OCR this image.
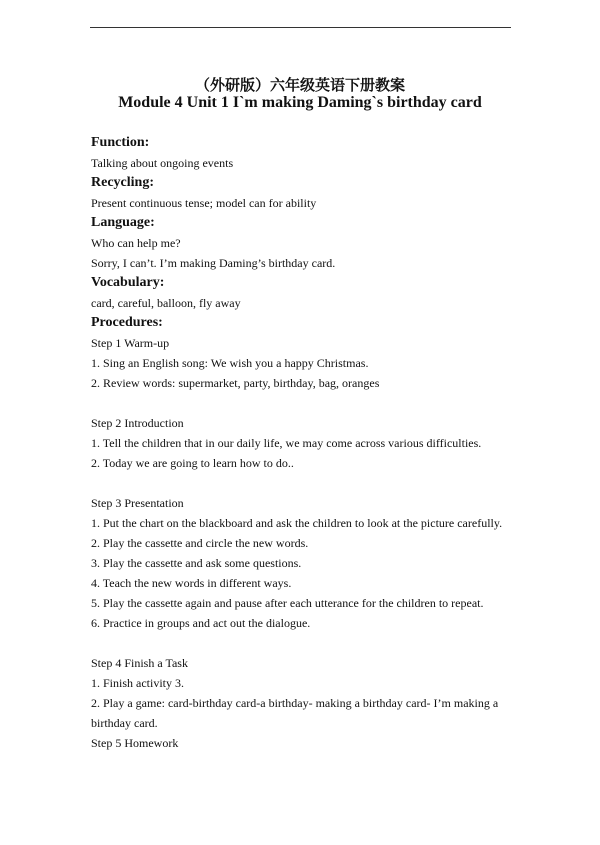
（外研版）六年级英语下册教案
Module 4 Unit 1 I`m making Daming`s birthday card
Function:
Talking about ongoing events
Recycling:
Present continuous tense; model can for ability
Language:
Who can help me?
Sorry, I can’t. I’m making Daming’s birthday card.
Vocabulary:
card, careful, balloon, fly away
Procedures:
Step 1 Warm-up
1. Sing an English song: We wish you a happy Christmas.
2. Review words: supermarket, party, birthday, bag, oranges
Step 2 Introduction
1. Tell the children that in our daily life, we may come across various difficulties.
2. Today we are going to learn how to do..
Step 3 Presentation
1. Put the chart on the blackboard and ask the children to look at the picture carefully.
2. Play the cassette and circle the new words.
3. Play the cassette and ask some questions.
4. Teach the new words in different ways.
5. Play the cassette again and pause after each utterance for the children to repeat.
6. Practice in groups and act out the dialogue.
Step 4 Finish a Task
1. Finish activity 3.
2. Play a game: card-birthday card-a birthday- making a birthday card- I’m making a birthday card.
Step 5 Homework
